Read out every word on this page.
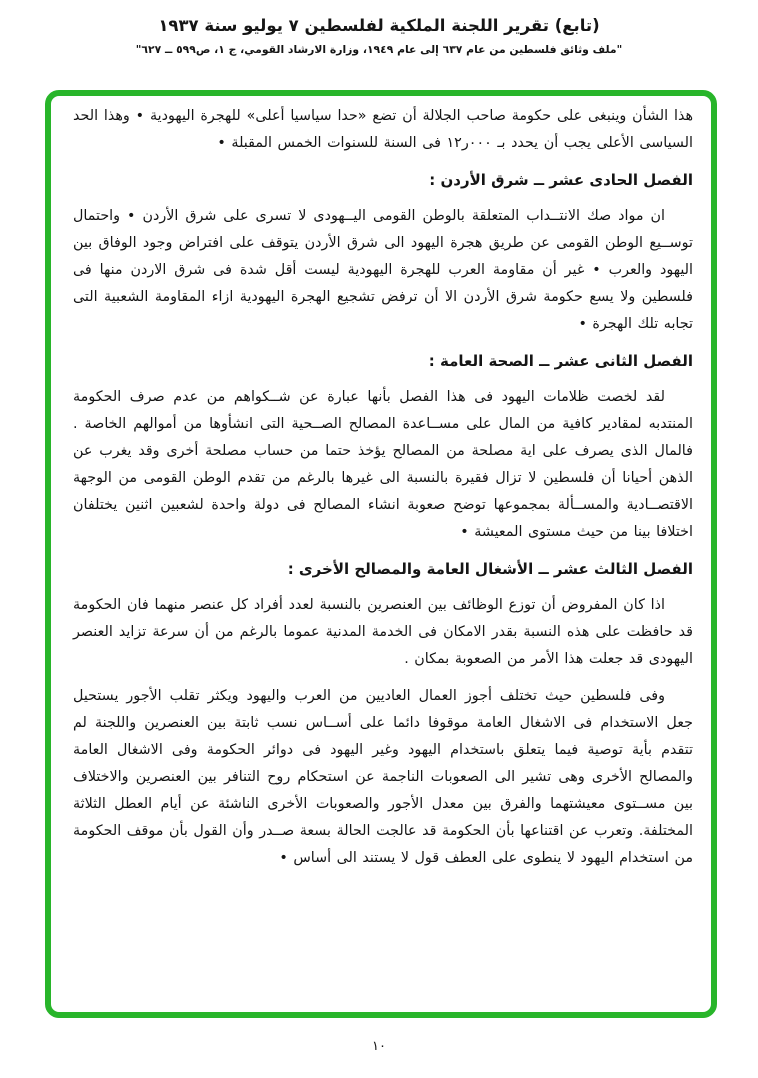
(تابع) تقرير اللجنة الملكية لفلسطين ٧ يوليو سنة ١٩٣٧
"ملف وثائق فلسطين من عام ٦٣٧ إلى عام ١٩٤٩، وزارة الارشاد القومي، ج ١، ص٥٩٩ ــ ٦٢٧"

هذا الشأن وينبغى على حكومة صاحب الجلالة أن تضع «حدا سياسيا أعلى» للهجرة اليهودية • وهذا الحد السياسى الأعلى يجب أن يحدد بـ ٠٠٠ر١٢ فى السنة للسنوات الخمس المقبلة •

الفصل الحادى عشر ــ شرق الأردن :

ان مواد صك الانتــداب المتعلقة بالوطن القومى اليــهودى لا تسرى على شرق الأردن • واحتمال توســيع الوطن القومى عن طريق هجرة اليهود الى شرق الأردن يتوقف على افتراض وجود الوفاق بين اليهود والعرب • غير أن مقاومة العرب للهجرة اليهودية ليست أقل شدة فى شرق الاردن منها فى فلسطين ولا يسع حكومة شرق الأردن الا أن ترفض تشجيع الهجرة اليهودية ازاء المقاومة الشعبية التى تجابه تلك الهجرة •

الفصل الثانى عشر ــ الصحة العامة :

لقد لخصت ظلامات اليهود فى هذا الفصل بأنها عبارة عن شــكواهم من عدم صرف الحكومة المنتدبه لمقادير كافية من المال على مســاعدة المصالح الصــحية التى انشأوها من أموالهم الخاصة . فالمال الذى يصرف على اية مصلحة من المصالح يؤخذ حتما من حساب مصلحة أخرى وقد يغرب عن الذهن أحيانا أن فلسطين لا تزال فقيرة بالنسبة الى غيرها بالرغم من تقدم الوطن القومى من الوجهة الاقتصــادية والمســألة بمجموعها توضح صعوبة انشاء المصالح فى دولة واحدة لشعبين اثنين يختلفان اختلافا بينا من حيث مستوى المعيشة •

الفصل الثالث عشر ــ الأشغال العامة والمصالح الأخرى :

اذا كان المفروض أن توزع الوظائف بين العنصرين بالنسبة لعدد أفراد كل عنصر منهما فان الحكومة قد حافظت على هذه النسبة بقدر الامكان فى الخدمة المدنية عموما بالرغم من أن سرعة تزايد العنصر اليهودى قد جعلت هذا الأمر من الصعوبة بمكان .

وفى فلسطين حيث تختلف أجوز العمال العاديين من العرب واليهود ويكثر تقلب الأجور يستحيل جعل الاستخدام فى الاشغال العامة موقوفا دائما على أســاس نسب ثابتة بين العنصرين واللجنة لم تتقدم بأية توصية فيما يتعلق باستخدام اليهود وغير اليهود فى دوائر الحكومة وفى الاشغال العامة والمصالح الأخرى وهى تشير الى الصعوبات الناجمة عن استحكام روح التنافر بين العنصرين والاختلاف بين مســتوى معيشتهما والفرق بين معدل الأجور والصعوبات الأخرى الناشئة عن أيام العطل الثلاثة المختلفة. وتعرب عن اقتناعها بأن الحكومة قد عالجت الحالة بسعة صــدر وأن القول بأن موقف الحكومة من استخدام اليهود لا ينطوى على العطف قول لا يستند الى أساس •

١٠
